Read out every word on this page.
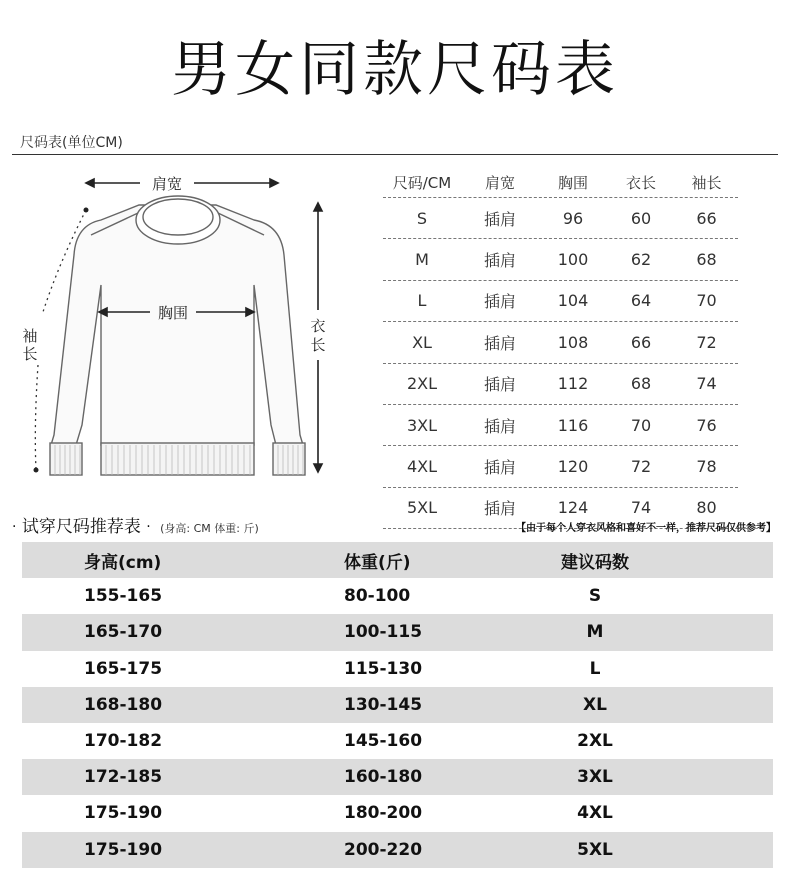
男女同款尺码表
尺码表(单位CM)
肩宽
胸围
袖
长
衣
长
尺码/CM	肩宽	胸围	衣长	袖长
S	插肩	96	60	66
M	插肩	100	62	68
L	插肩	104	64	70
XL	插肩	108	66	72
2XL	插肩	112	68	74
3XL	插肩	116	70	76
4XL	插肩	120	72	78
5XL	插肩	124	74	80
· 试穿尺码推荐表 · (身高: CM 体重: 斤)	【由于每个人穿衣风格和喜好不一样，推荐尺码仅供参考】
身高(cm)	体重(斤)	建议码数
155-165	80-100	S
165-170	100-115	M
165-175	115-130	L
168-180	130-145	XL
170-182	145-160	2XL
172-185	160-180	3XL
175-190	180-200	4XL
175-190	200-220	5XL
